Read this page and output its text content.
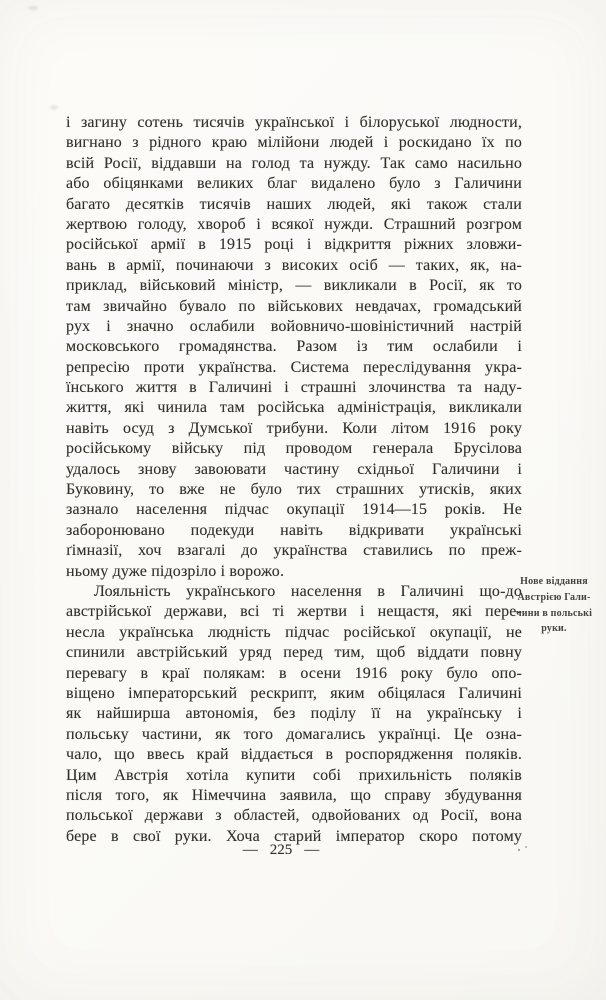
і загину сотень тисячів української і білоруської людности,
вигнано з рідного краю мілійони людей і роскидано їх по
всій Росії, віддавши на голод та нужду. Так само насильно
або обіцянками великих благ видалено було з Галичини
багато десятків тисячів наших людей, які також стали
жертвою голоду, хвороб і всякої нужди. Страшний розгром
російської армії в 1915 році і відкриття ріжних зловжи-
вань в армії, починаючи з високих осіб — таких, як, на-
приклад, військовий міністр, — викликали в Росії, як то
там звичайно бувало по військових невдачах, громадський
рух і значно ослабили войовничо-шовіністичний настрій
московського громадянства. Разом із тим ослабили і
репресію проти українства. Система переслідування укра-
їнського життя в Галичині і страшні злочинства та наду-
життя, які чинила там російська адміністрація, викликали
навіть осуд з Думської трибуни. Коли літом 1916 року
російському війську під проводом генерала Брусілова
удалось знову завоювати частину східньої Галичини і
Буковину, то вже не було тих страшних утисків, яких
зазнало населення підчас окупації 1914—15 років. Не
заборонювано подекуди навіть відкривати українські
ґімназії, хоч взагалі до українства ставились по преж-
ньому дуже підозріло і ворожо.
Лояльність українського населення в Галичині що-до
австрійської держави, всі ті жертви і нещастя, які пере-
несла українська людність підчас російської окупації, не
спинили австрійський уряд перед тим, щоб віддати повну
перевагу в краї полякам: в осени 1916 року було опо-
віщено імператорський рескрипт, яким обіцялася Галичині
як найширша автономія, без поділу її на українську і
польську частини, як того домагались українці. Це озна-
чало, що ввесь край віддається в роспорядження поляків.
Цим Австрія хотіла купити собі прихильність поляків
після того, як Німеччина заявила, що справу збудування
польської держави з областей, одвойованих од Росії, вона
бере в свої руки. Хоча старий імператор скоро потому
Нове віддання
Австрією Гали-
чини в польські
руки.
— 225 —
